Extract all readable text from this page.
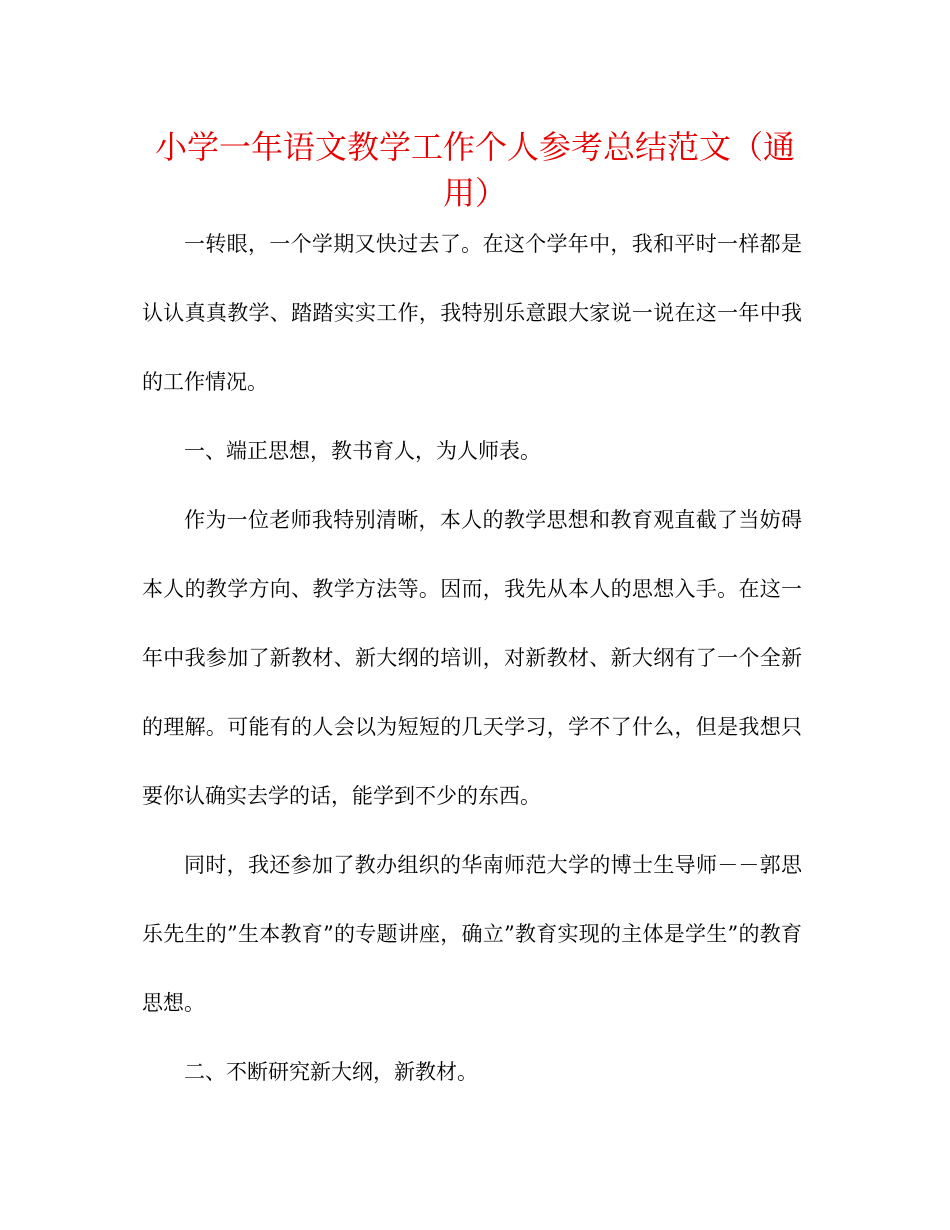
小学一年语文教学工作个人参考总结范文（通用）

一转眼，一个学期又快过去了。在这个学年中，我和平时一样都是认认真真教学、踏踏实实工作，我特别乐意跟大家说一说在这一年中我的工作情况。

一、端正思想，教书育人，为人师表。

作为一位老师我特别清晰，本人的教学思想和教育观直截了当妨碍本人的教学方向、教学方法等。因而，我先从本人的思想入手。在这一年中我参加了新教材、新大纲的培训，对新教材、新大纲有了一个全新的理解。可能有的人会以为短短的几天学习，学不了什么，但是我想只要你认确实去学的话，能学到不少的东西。

同时，我还参加了教办组织的华南师范大学的博士生导师－－郭思乐先生的”生本教育”的专题讲座，确立”教育实现的主体是学生”的教育思想。

二、不断研究新大纲，新教材。
